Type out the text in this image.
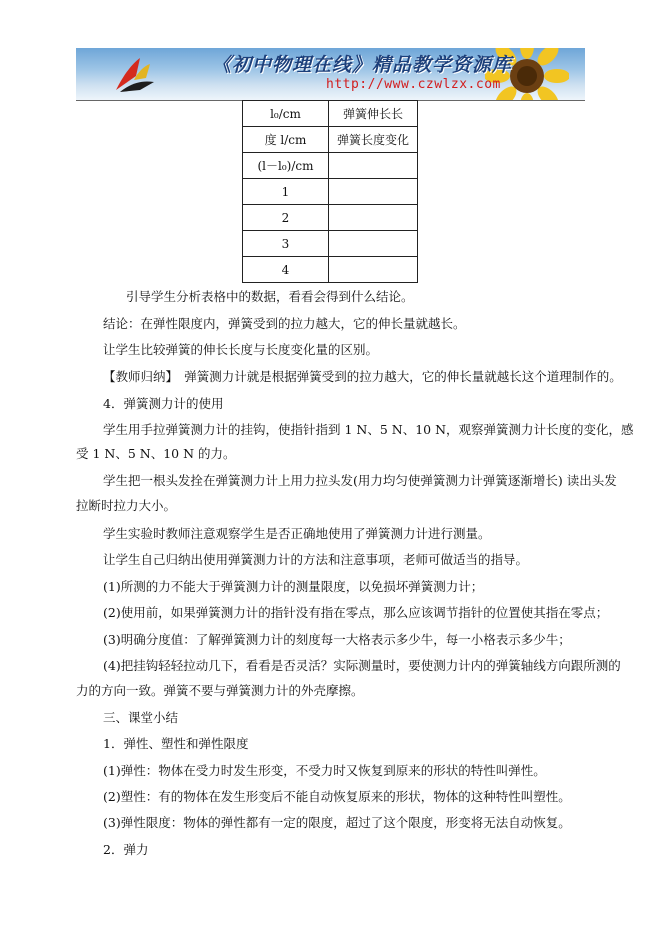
《初中物理在线》精品教学资源库
http://www.czwlzx.com
l₀/cm	弹簧伸长长
度 l/cm	弹簧长度变化
(l－l₀)/cm	
1	
2	
3	
4	
引导学生分析表格中的数据，看看会得到什么结论。
结论：在弹性限度内，弹簧受到的拉力越大，它的伸长量就越长。
让学生比较弹簧的伸长长度与长度变化量的区别。
【教师归纳】　弹簧测力计就是根据弹簧受到的拉力越大，它的伸长量就越长这个道理制作的。
4．弹簧测力计的使用
学生用手拉弹簧测力计的挂钩，使指针指到 1 N、5 N、10 N，观察弹簧测力计长度的变化，感
受 1 N、5 N、10 N 的力。
学生把一根头发拴在弹簧测力计上用力拉头发(用力均匀使弹簧测力计弹簧逐渐增长) 读出头发
拉断时拉力大小。
学生实验时教师注意观察学生是否正确地使用了弹簧测力计进行测量。
让学生自己归纳出使用弹簧测力计的方法和注意事项，老师可做适当的指导。
(1)所测的力不能大于弹簧测力计的测量限度，以免损坏弹簧测力计；
(2)使用前，如果弹簧测力计的指针没有指在零点，那么应该调节指针的位置使其指在零点；
(3)明确分度值：了解弹簧测力计的刻度每一大格表示多少牛，每一小格表示多少牛；
(4)把挂钩轻轻拉动几下，看看是否灵活？实际测量时，要使测力计内的弹簧轴线方向跟所测的
力的方向一致。弹簧不要与弹簧测力计的外壳摩擦。
三、课堂小结
1．弹性、塑性和弹性限度
(1)弹性：物体在受力时发生形变，不受力时又恢复到原来的形状的特性叫弹性。
(2)塑性：有的物体在发生形变后不能自动恢复原来的形状，物体的这种特性叫塑性。
(3)弹性限度：物体的弹性都有一定的限度，超过了这个限度，形变将无法自动恢复。
2．弹力
